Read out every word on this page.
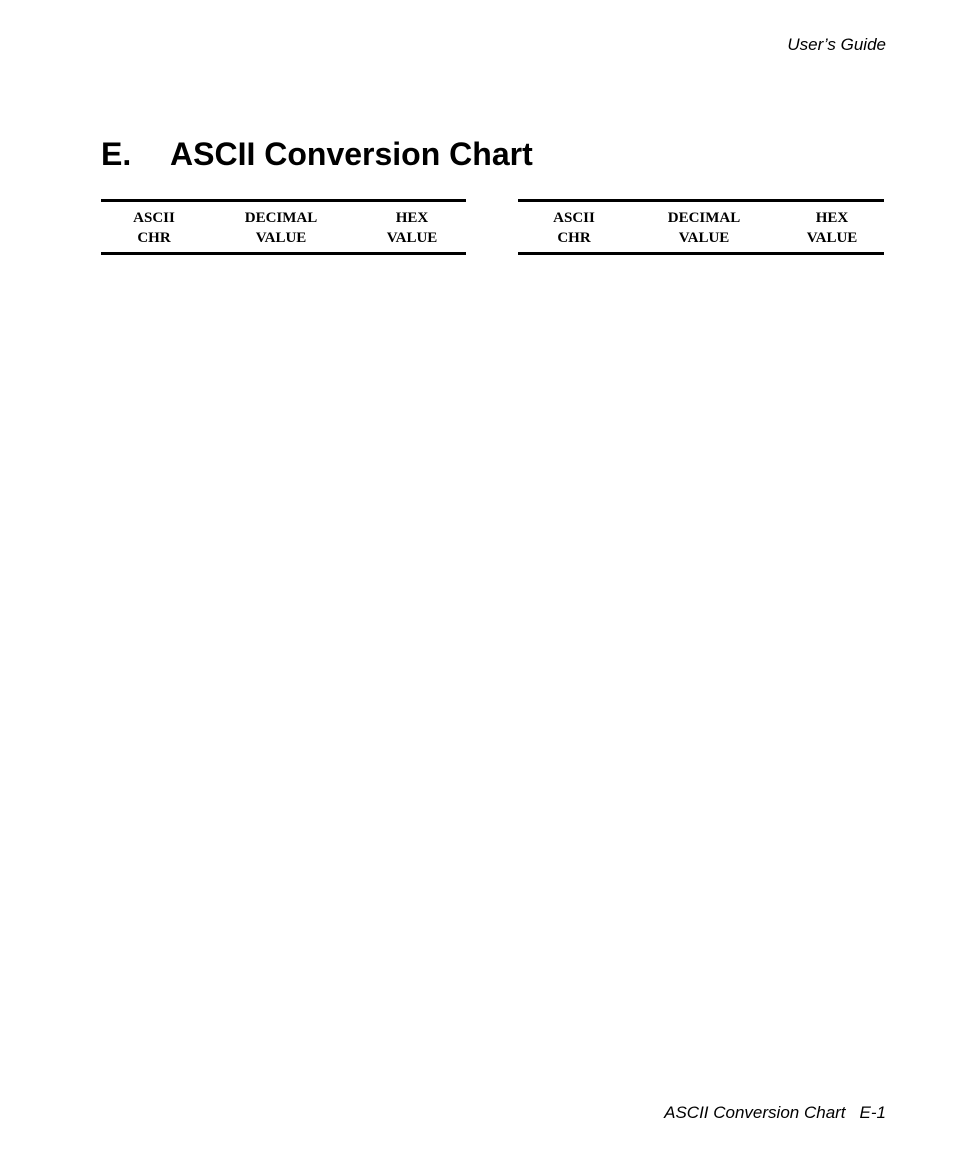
User’s Guide
E. ASCII Conversion Chart
ASCII
CHR
DECIMAL
VALUE
HEX
VALUE
ASCII
CHR
DECIMAL
VALUE
HEX
VALUE
ASCII Conversion Chart E-1
